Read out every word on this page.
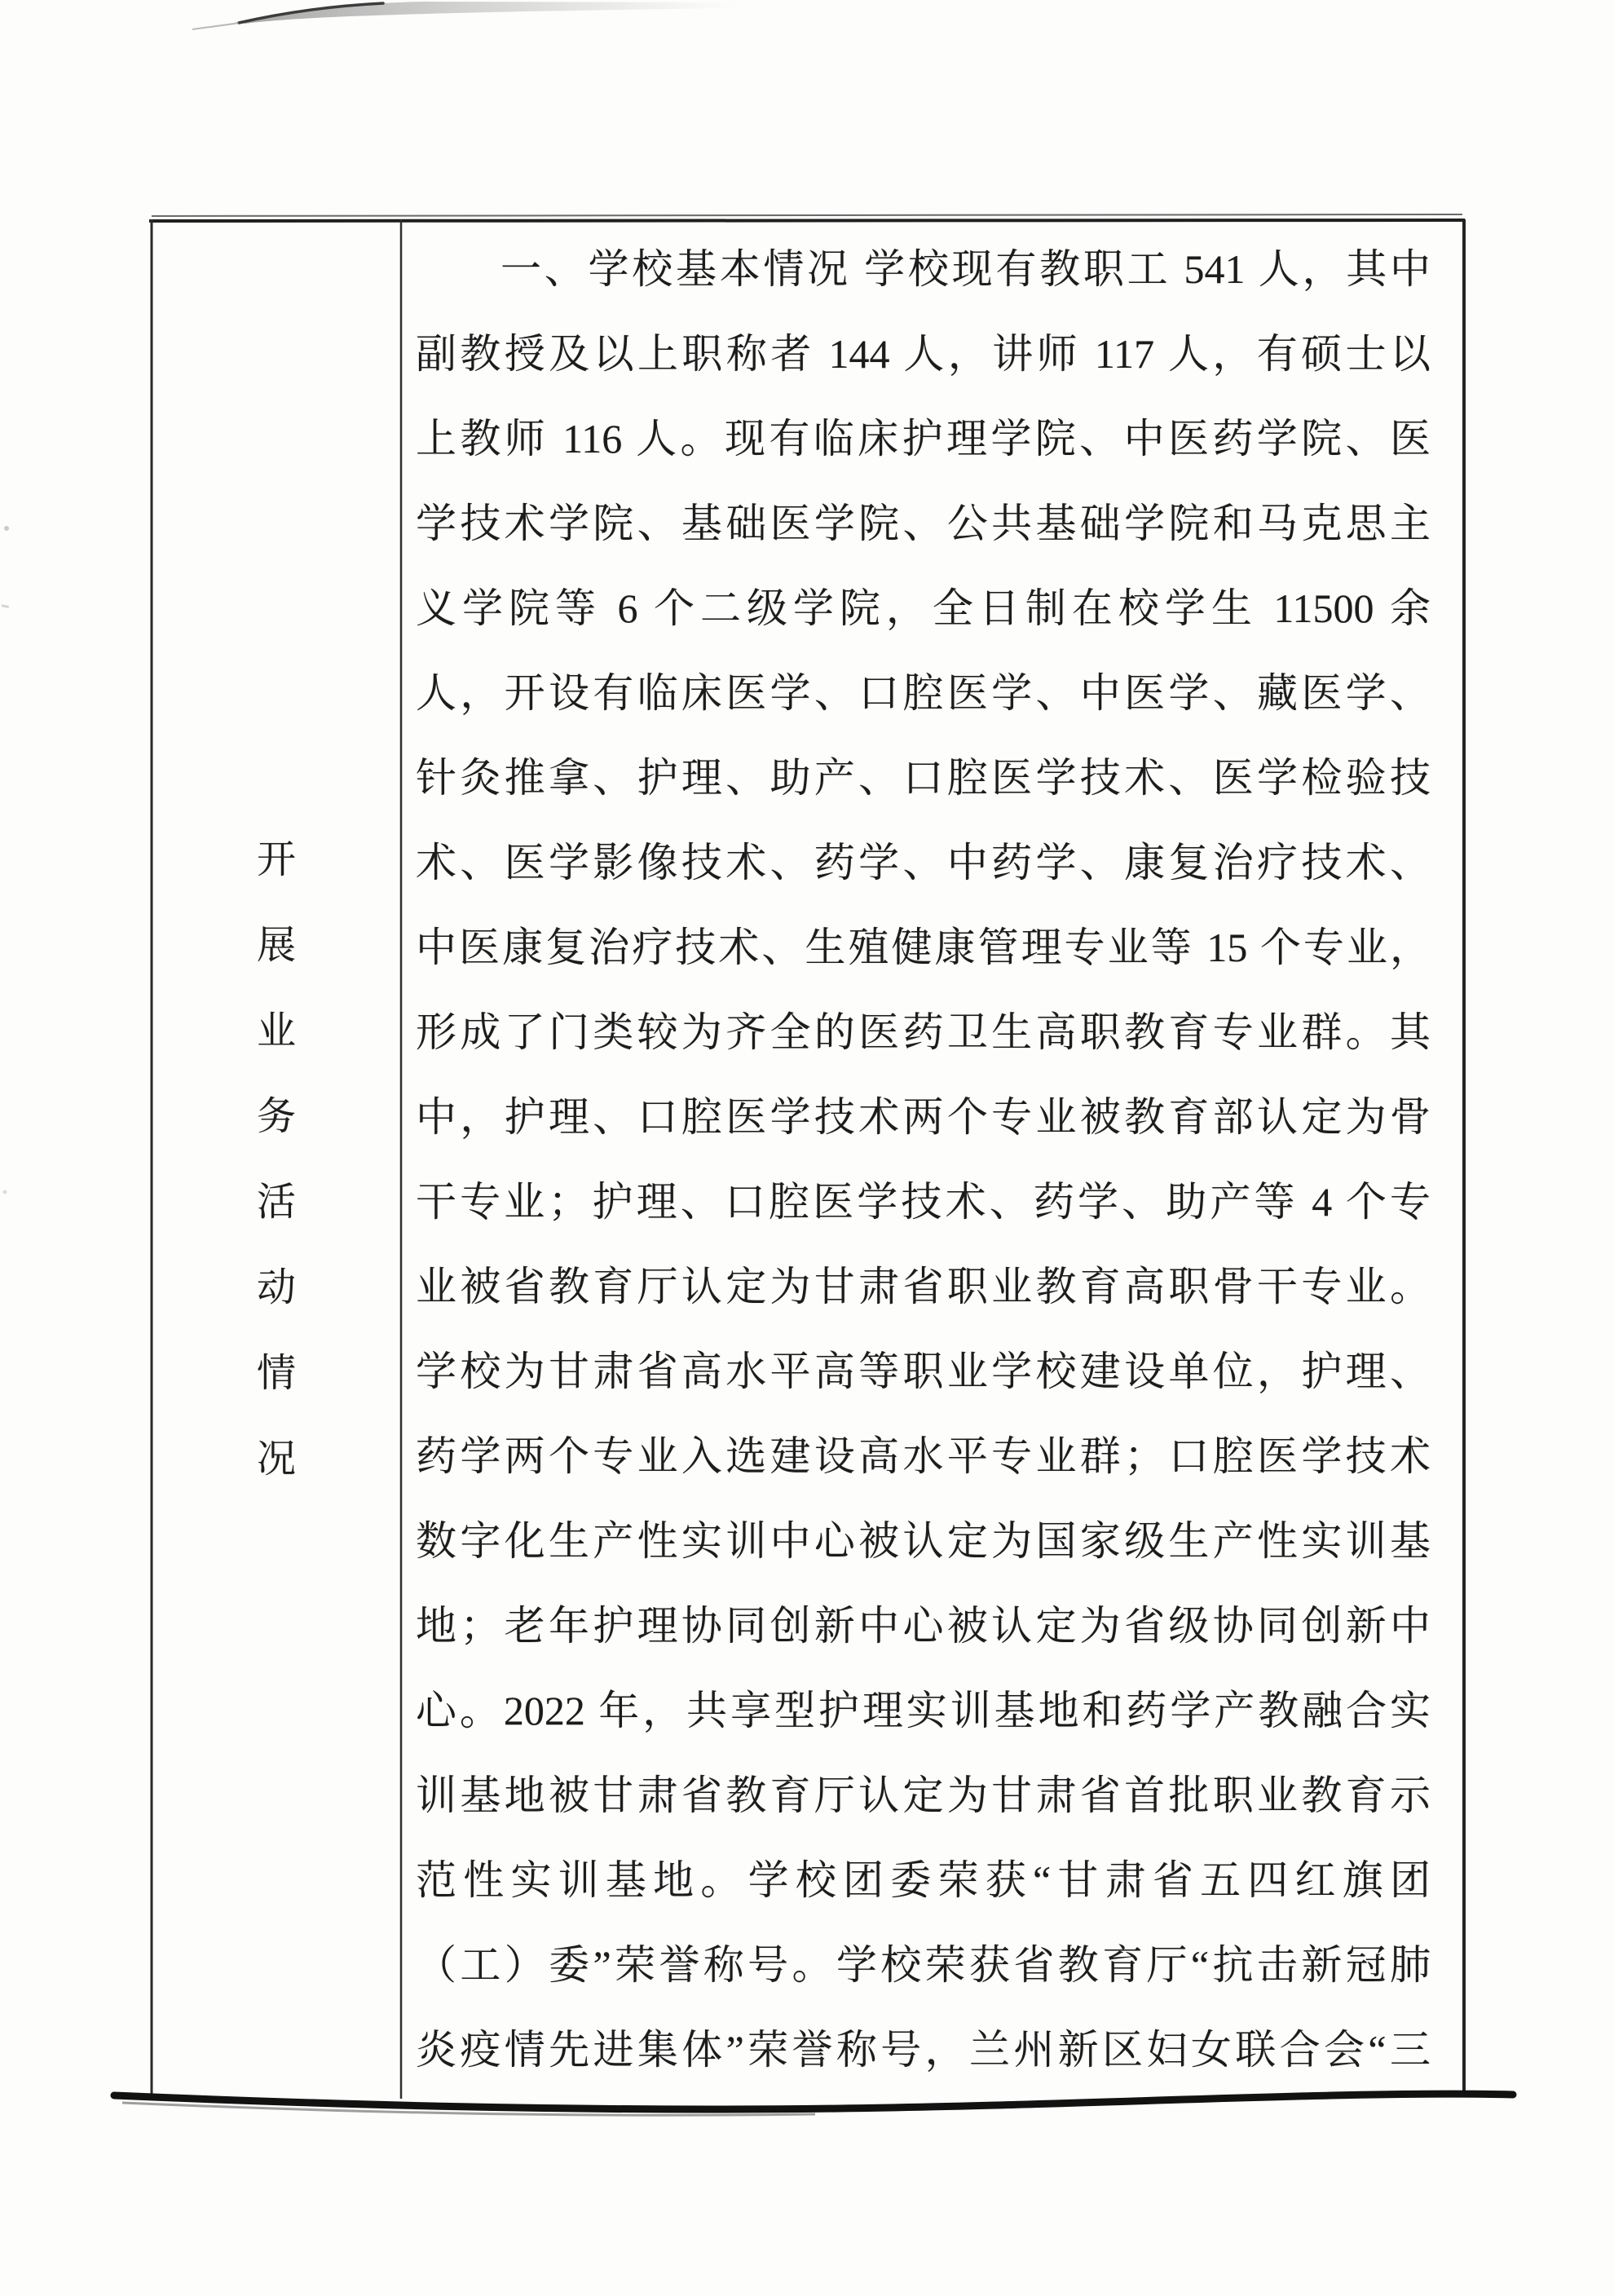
开
展
业
务
活
动
情
况
一、学校基本情况 学校现有教职工 541 人，其中
副教授及以上职称者 144 人，讲师 117 人，有硕士以
上教师 116 人。现有临床护理学院、中医药学院、医
学技术学院、基础医学院、公共基础学院和马克思主
义学院等 6 个二级学院，全日制在校学生 11500 余
人，开设有临床医学、口腔医学、中医学、藏医学、
针灸推拿、护理、助产、口腔医学技术、医学检验技
术、医学影像技术、药学、中药学、康复治疗技术、
中医康复治疗技术、生殖健康管理专业等 15 个专业，
形成了门类较为齐全的医药卫生高职教育专业群。其
中，护理、口腔医学技术两个专业被教育部认定为骨
干专业；护理、口腔医学技术、药学、助产等 4 个专
业被省教育厅认定为甘肃省职业教育高职骨干专业。
学校为甘肃省高水平高等职业学校建设单位，护理、
药学两个专业入选建设高水平专业群；口腔医学技术
数字化生产性实训中心被认定为国家级生产性实训基
地；老年护理协同创新中心被认定为省级协同创新中
心。2022 年，共享型护理实训基地和药学产教融合实
训基地被甘肃省教育厅认定为甘肃省首批职业教育示
范性实训基地。学校团委荣获“甘肃省五四红旗团
（工）委”荣誉称号。学校荣获省教育厅“抗击新冠肺
炎疫情先进集体”荣誉称号，兰州新区妇女联合会“三
